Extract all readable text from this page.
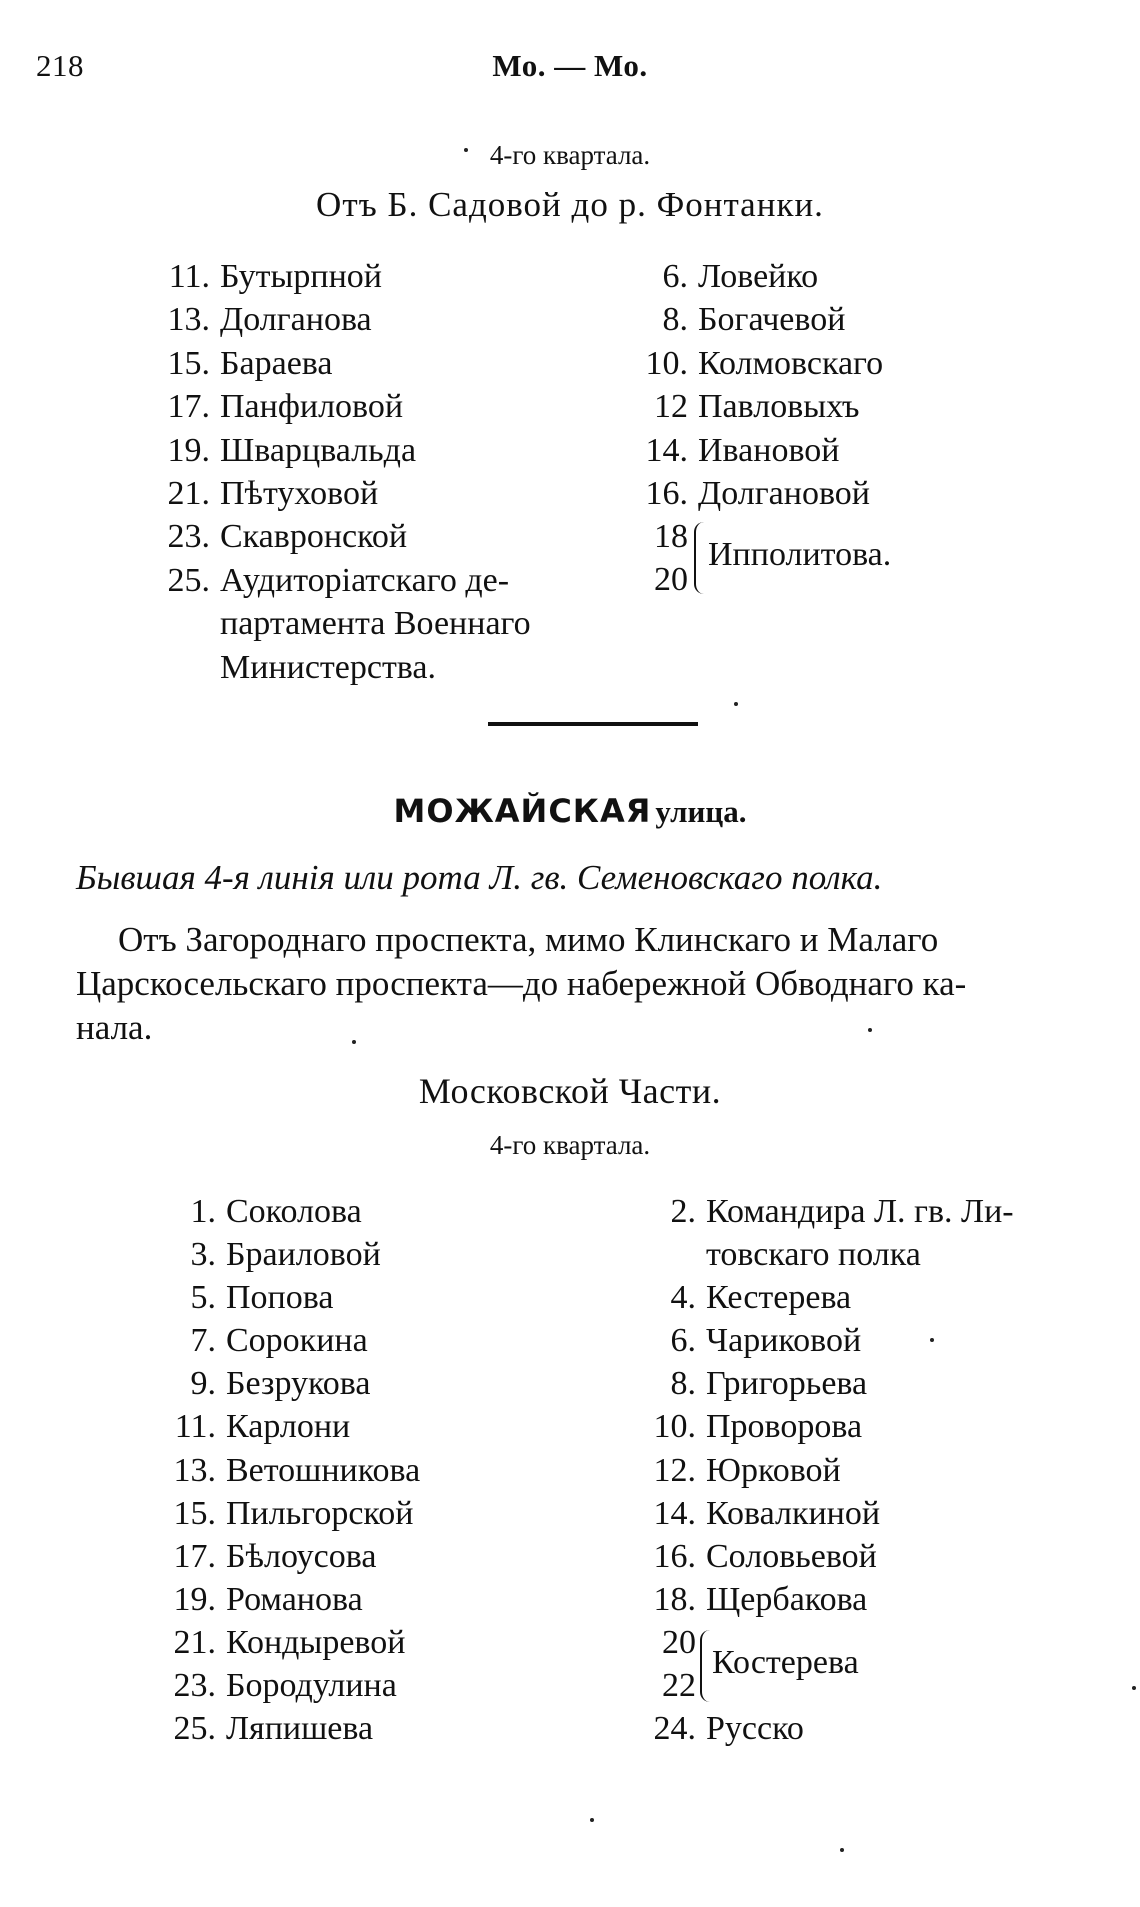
218	Мо. — Мо.
4-го квартала.
Отъ Б. Садовой до р. Фонтанки.
11. Бутырпной
13. Долганова
15. Бараева
17. Панфиловой
19. Шварцвальда
21. Пѣтуховой
23. Скавронской
25. Аудиторіатскаго де-
партамента Военнаго
Министерства.
6. Ловейко
8. Богачевой
10. Колмовскаго
12 Павловыхъ
14. Ивановой
16. Долгановой
18
20
Ипполитова.
МОЖАЙСКАЯ улица.
Бывшая 4-я линія или рота Л. гв. Семеновскаго полка.
Отъ Загороднаго проспекта, мимо Клинскаго и Малаго
Царскосельскаго проспекта—до набережной Обводнаго ка-
нала.
Московской Части.
4-го квартала.
1. Соколова
3. Браиловой
5. Попова
7. Сорокина
9. Безрукова
11. Карлони
13. Ветошникова
15. Пильгорской
17. Бѣлоусова
19. Романова
21. Кондыревой
23. Бородулина
25. Ляпишева
2. Командира Л. гв. Ли-
товскаго полка
4. Кестерева
6. Чариковой
8. Григорьева
10. Проворова
12. Юрковой
14. Ковалкиной
16. Соловьевой
18. Щербакова
20
22
24. Русско
Костерева
